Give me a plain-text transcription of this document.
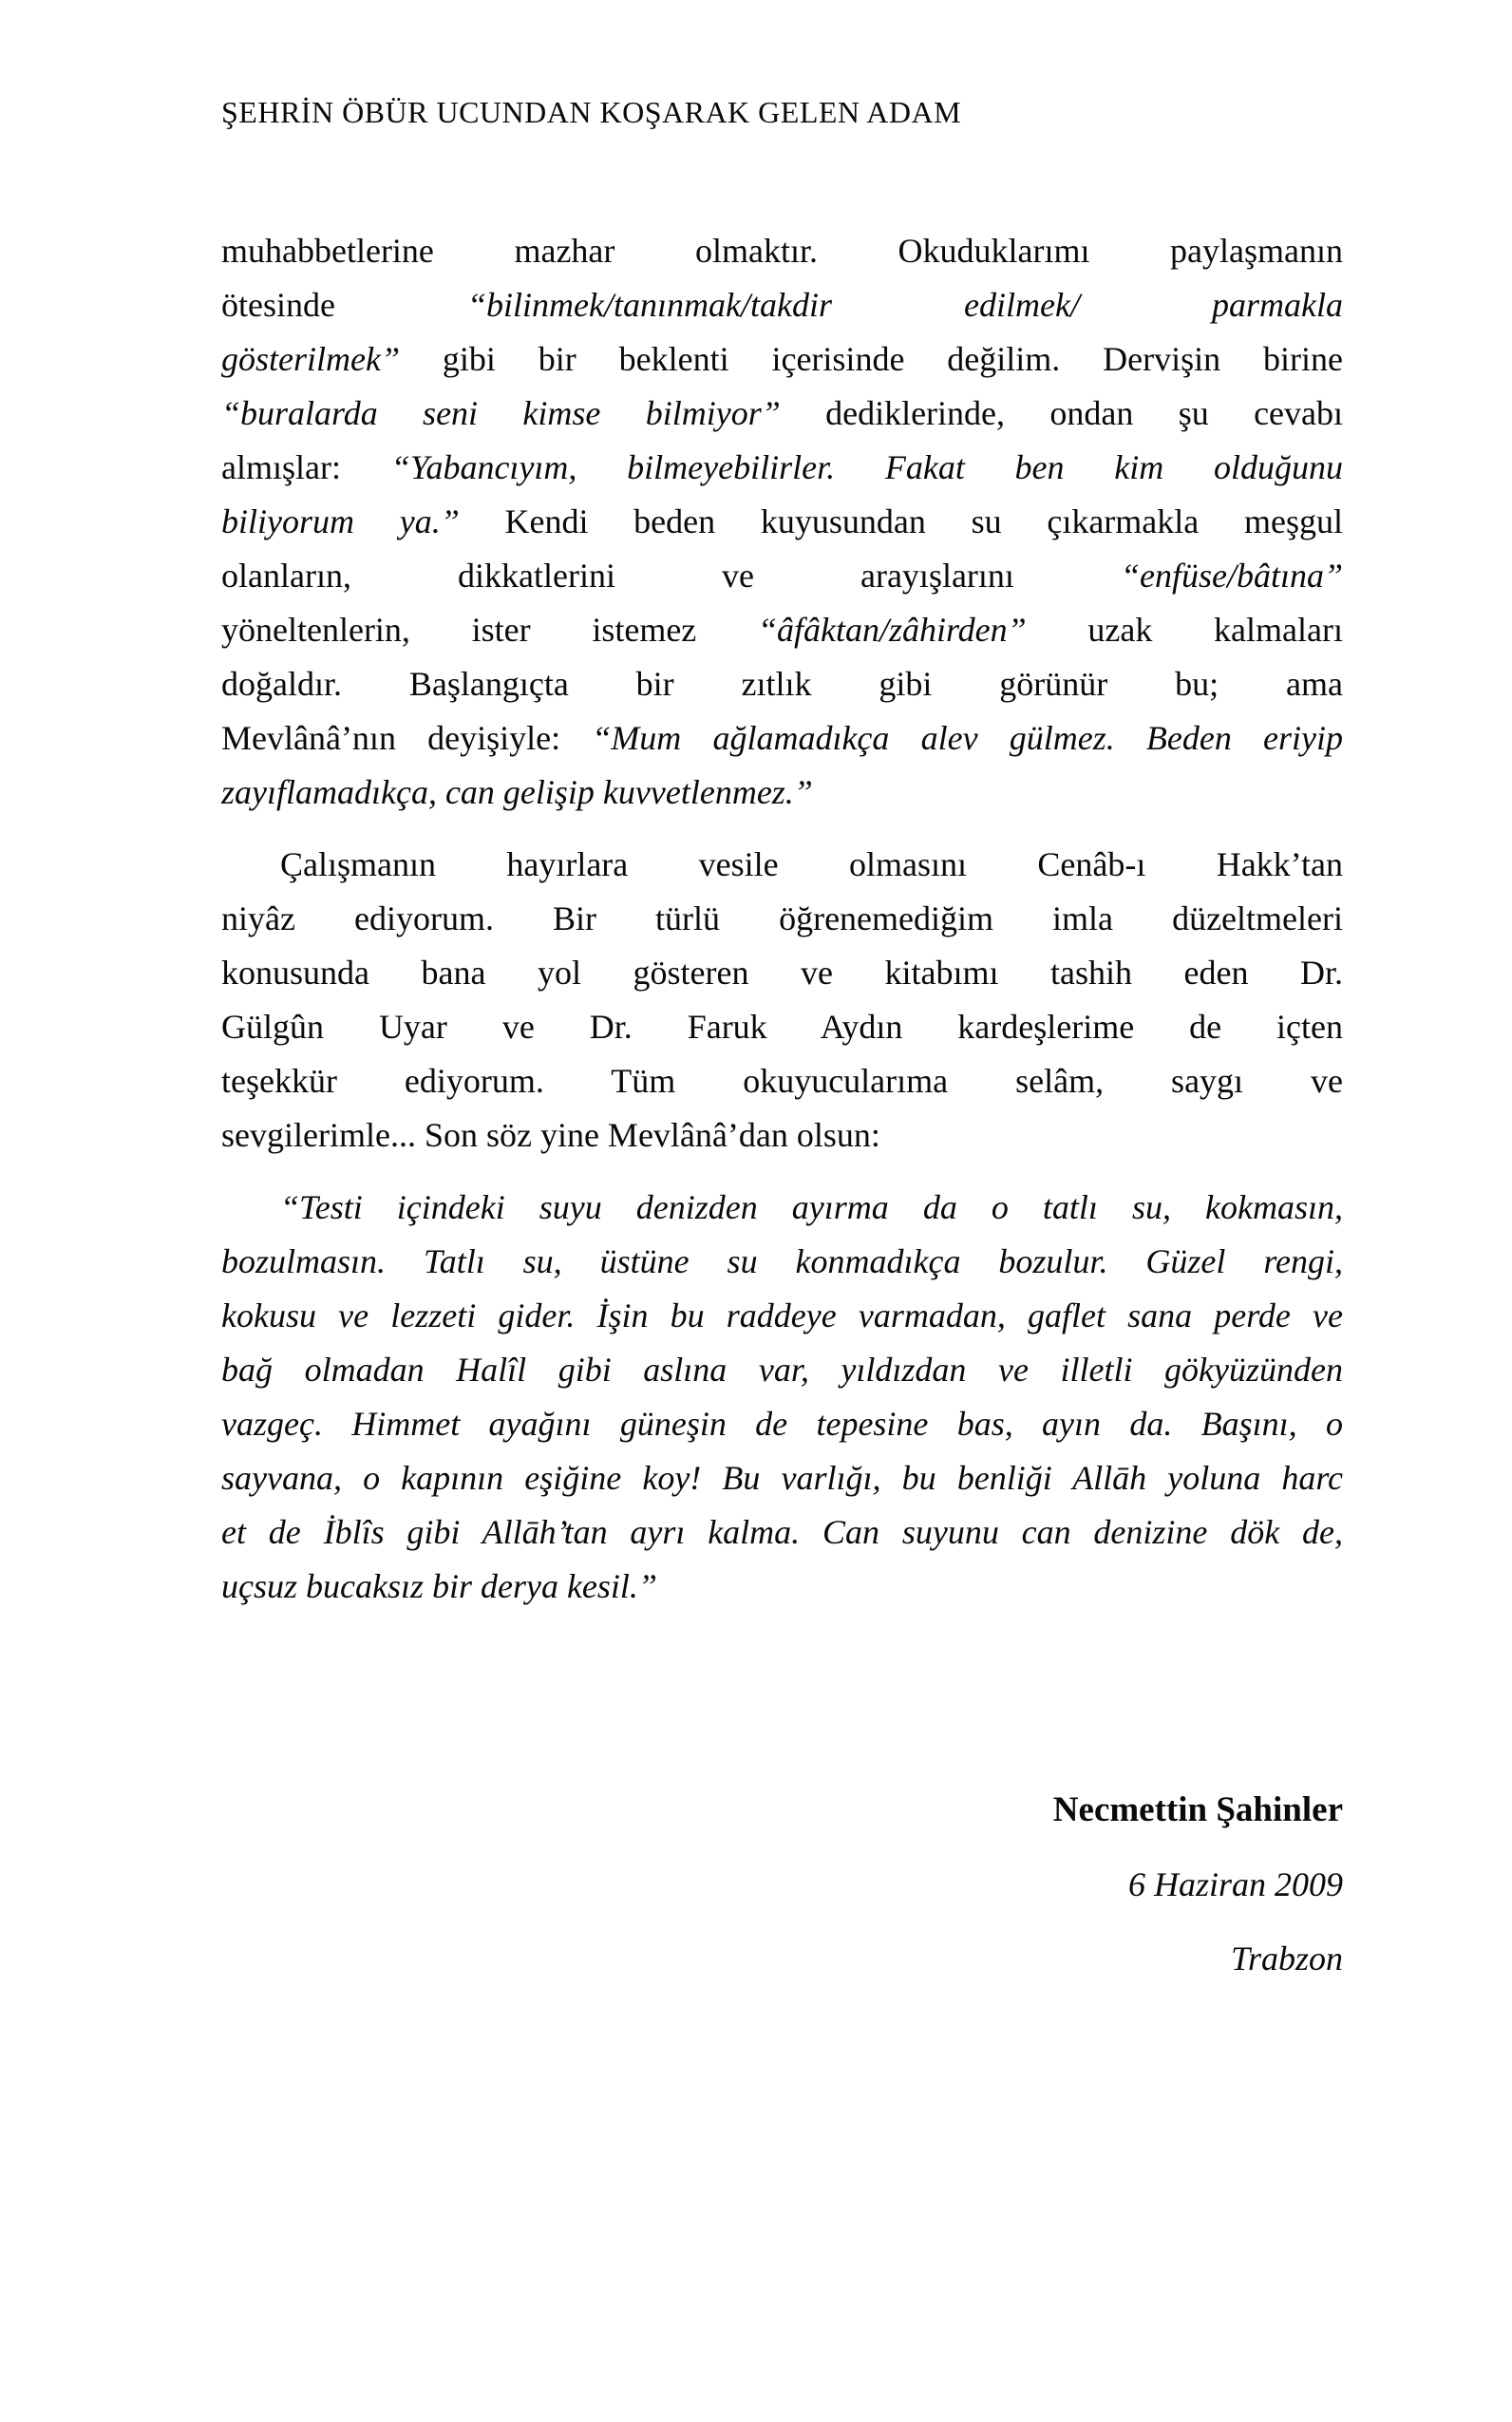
ŞEHRİN ÖBÜR UCUNDAN KOŞARAK GELEN ADAM
muhabbetlerine mazhar olmaktır. Okuduklarımı paylaşmanın
ötesinde “bilinmek/tanınmak/takdir edilmek/ parmakla
gösterilmek” gibi bir beklenti içerisinde değilim. Dervişin birine
“buralarda seni kimse bilmiyor” dediklerinde, ondan şu cevabı
almışlar: “Yabancıyım, bilmeyebilirler. Fakat ben kim olduğunu
biliyorum ya.” Kendi beden kuyusundan su çıkarmakla meşgul
olanların, dikkatlerini ve arayışlarını “enfüse/bâtına”
yöneltenlerin, ister istemez “âfâktan/zâhirden” uzak kalmaları
doğaldır. Başlangıçta bir zıtlık gibi görünür bu; ama
Mevlânâ’nın deyişiyle: “Mum ağlamadıkça alev gülmez. Beden eriyip
zayıflamadıkça, can gelişip kuvvetlenmez.”
Çalışmanın hayırlara vesile olmasını Cenâb-ı Hakk’tan
niyâz ediyorum. Bir türlü öğrenemediğim imla düzeltmeleri
konusunda bana yol gösteren ve kitabımı tashih eden Dr.
Gülgûn Uyar ve Dr. Faruk Aydın kardeşlerime de içten
teşekkür ediyorum. Tüm okuyucularıma selâm, saygı ve
sevgilerimle... Son söz yine Mevlânâ’dan olsun:
“Testi içindeki suyu denizden ayırma da o tatlı su, kokmasın,
bozulmasın. Tatlı su, üstüne su konmadıkça bozulur. Güzel rengi,
kokusu ve lezzeti gider. İşin bu raddeye varmadan, gaflet sana perde ve
bağ olmadan Halîl gibi aslına var, yıldızdan ve illetli gökyüzünden
vazgeç. Himmet ayağını güneşin de tepesine bas, ayın da. Başını, o
sayvana, o kapının eşiğine koy! Bu varlığı, bu benliği Allāh yoluna harc
et de İblîs gibi Allāh’tan ayrı kalma. Can suyunu can denizine dök de,
uçsuz bucaksız bir derya kesil.”
Necmettin Şahinler
6 Haziran 2009
Trabzon
